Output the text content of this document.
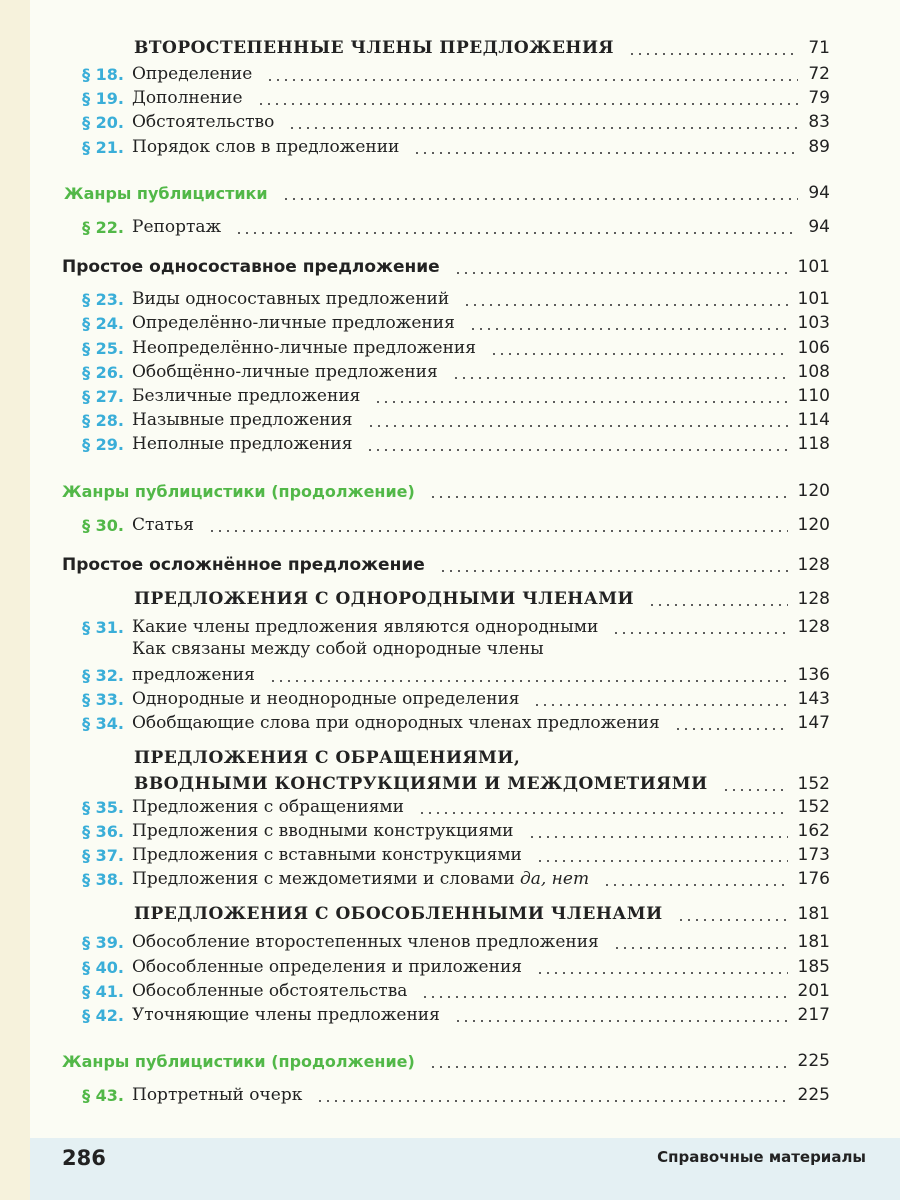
ВТОРОСТЕПЕННЫЕ ЧЛЕНЫ ПРЕДЛОЖЕНИЯ	71
§ 18. Определение	72
§ 19. Дополнение	79
§ 20. Обстоятельство	83
§ 21. Порядок слов в предложении	89
Жанры публицистики	94
§ 22. Репортаж	94
Простое односоставное предложение	101
§ 23. Виды односоставных предложений	101
§ 24. Определённо-личные предложения	103
§ 25. Неопределённо-личные предложения	106
§ 26. Обобщённо-личные предложения	108
§ 27. Безличные предложения	110
§ 28. Назывные предложения	114
§ 29. Неполные предложения	118
Жанры публицистики (продолжение)	120
§ 30. Статья	120
Простое осложнённое предложение	128
ПРЕДЛОЖЕНИЯ С ОДНОРОДНЫМИ ЧЛЕНАМИ	128
§ 31. Какие члены предложения являются однородными	128
Как связаны между собой однородные члены
§ 32. предложения	136
§ 33. Однородные и неоднородные определения	143
§ 34. Обобщающие слова при однородных членах предложения	147
ПРЕДЛОЖЕНИЯ С ОБРАЩЕНИЯМИ,
ВВОДНЫМИ КОНСТРУКЦИЯМИ И МЕЖДОМЕТИЯМИ	152
§ 35. Предложения с обращениями	152
§ 36. Предложения с вводными конструкциями	162
§ 37. Предложения с вставными конструкциями	173
§ 38. Предложения с междометиями и словами да, нет	176
ПРЕДЛОЖЕНИЯ С ОБОСОБЛЕННЫМИ ЧЛЕНАМИ	181
§ 39. Обособление второстепенных членов предложения	181
§ 40. Обособленные определения и приложения	185
§ 41. Обособленные обстоятельства	201
§ 42. Уточняющие члены предложения	217
Жанры публицистики (продолжение)	225
§ 43. Портретный очерк	225
286	Справочные материалы
